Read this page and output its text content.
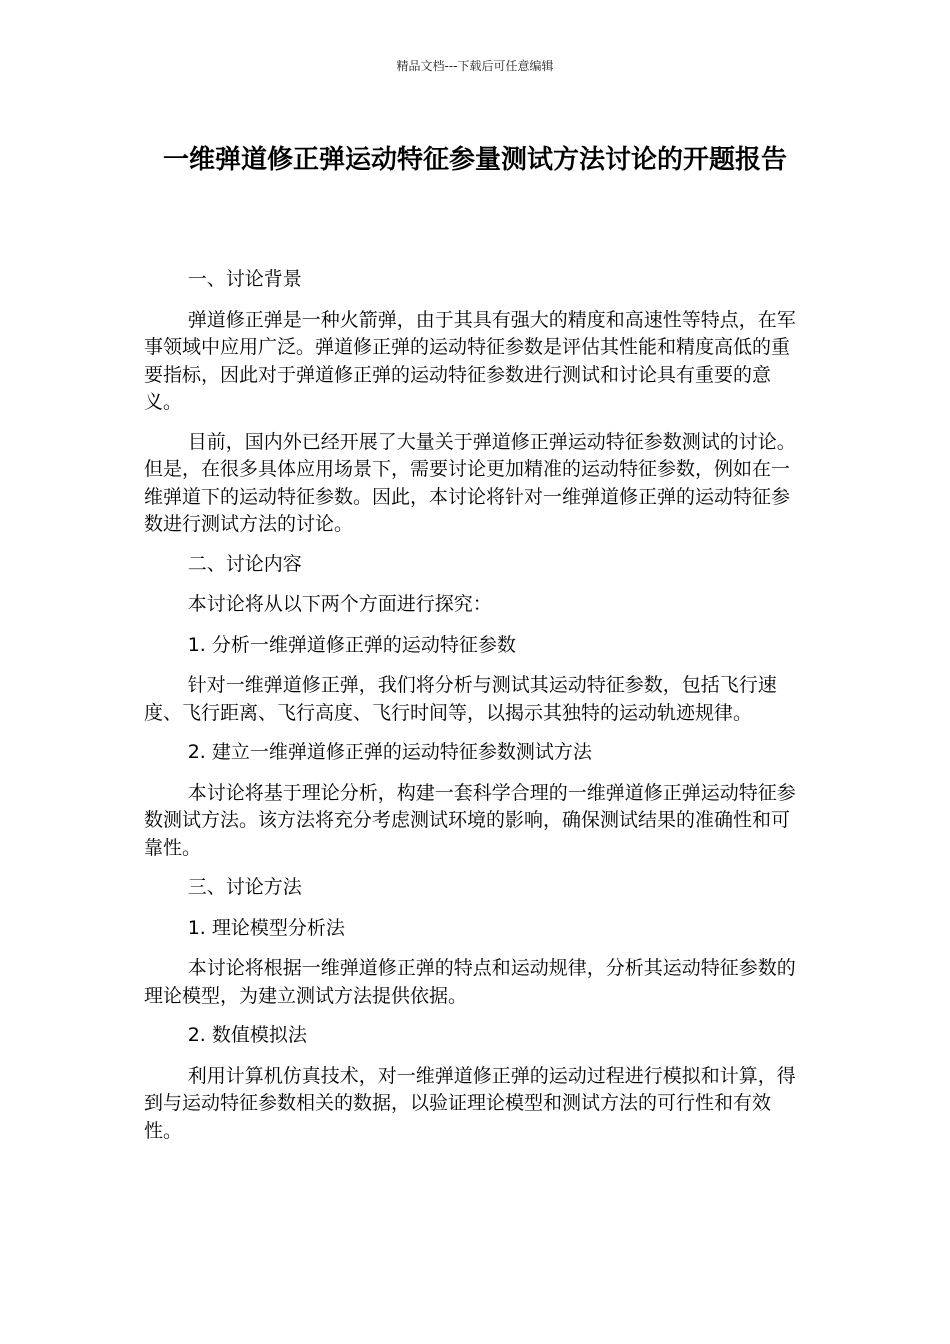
精品文档---下载后可任意编辑
一维弹道修正弹运动特征参量测试方法讨论的开题报告

一、讨论背景

弹道修正弹是一种火箭弹，由于其具有强大的精度和高速性等特点，在军事领域中应用广泛。弹道修正弹的运动特征参数是评估其性能和精度高低的重要指标，因此对于弹道修正弹的运动特征参数进行测试和讨论具有重要的意义。

目前，国内外已经开展了大量关于弹道修正弹运动特征参数测试的讨论。但是，在很多具体应用场景下，需要讨论更加精准的运动特征参数，例如在一维弹道下的运动特征参数。因此，本讨论将针对一维弹道修正弹的运动特征参数进行测试方法的讨论。

二、讨论内容

本讨论将从以下两个方面进行探究：

1. 分析一维弹道修正弹的运动特征参数

针对一维弹道修正弹，我们将分析与测试其运动特征参数，包括飞行速度、飞行距离、飞行高度、飞行时间等，以揭示其独特的运动轨迹规律。

2. 建立一维弹道修正弹的运动特征参数测试方法

本讨论将基于理论分析，构建一套科学合理的一维弹道修正弹运动特征参数测试方法。该方法将充分考虑测试环境的影响，确保测试结果的准确性和可靠性。

三、讨论方法

1. 理论模型分析法

本讨论将根据一维弹道修正弹的特点和运动规律，分析其运动特征参数的理论模型，为建立测试方法提供依据。

2. 数值模拟法

利用计算机仿真技术，对一维弹道修正弹的运动过程进行模拟和计算，得到与运动特征参数相关的数据，以验证理论模型和测试方法的可行性和有效性。
